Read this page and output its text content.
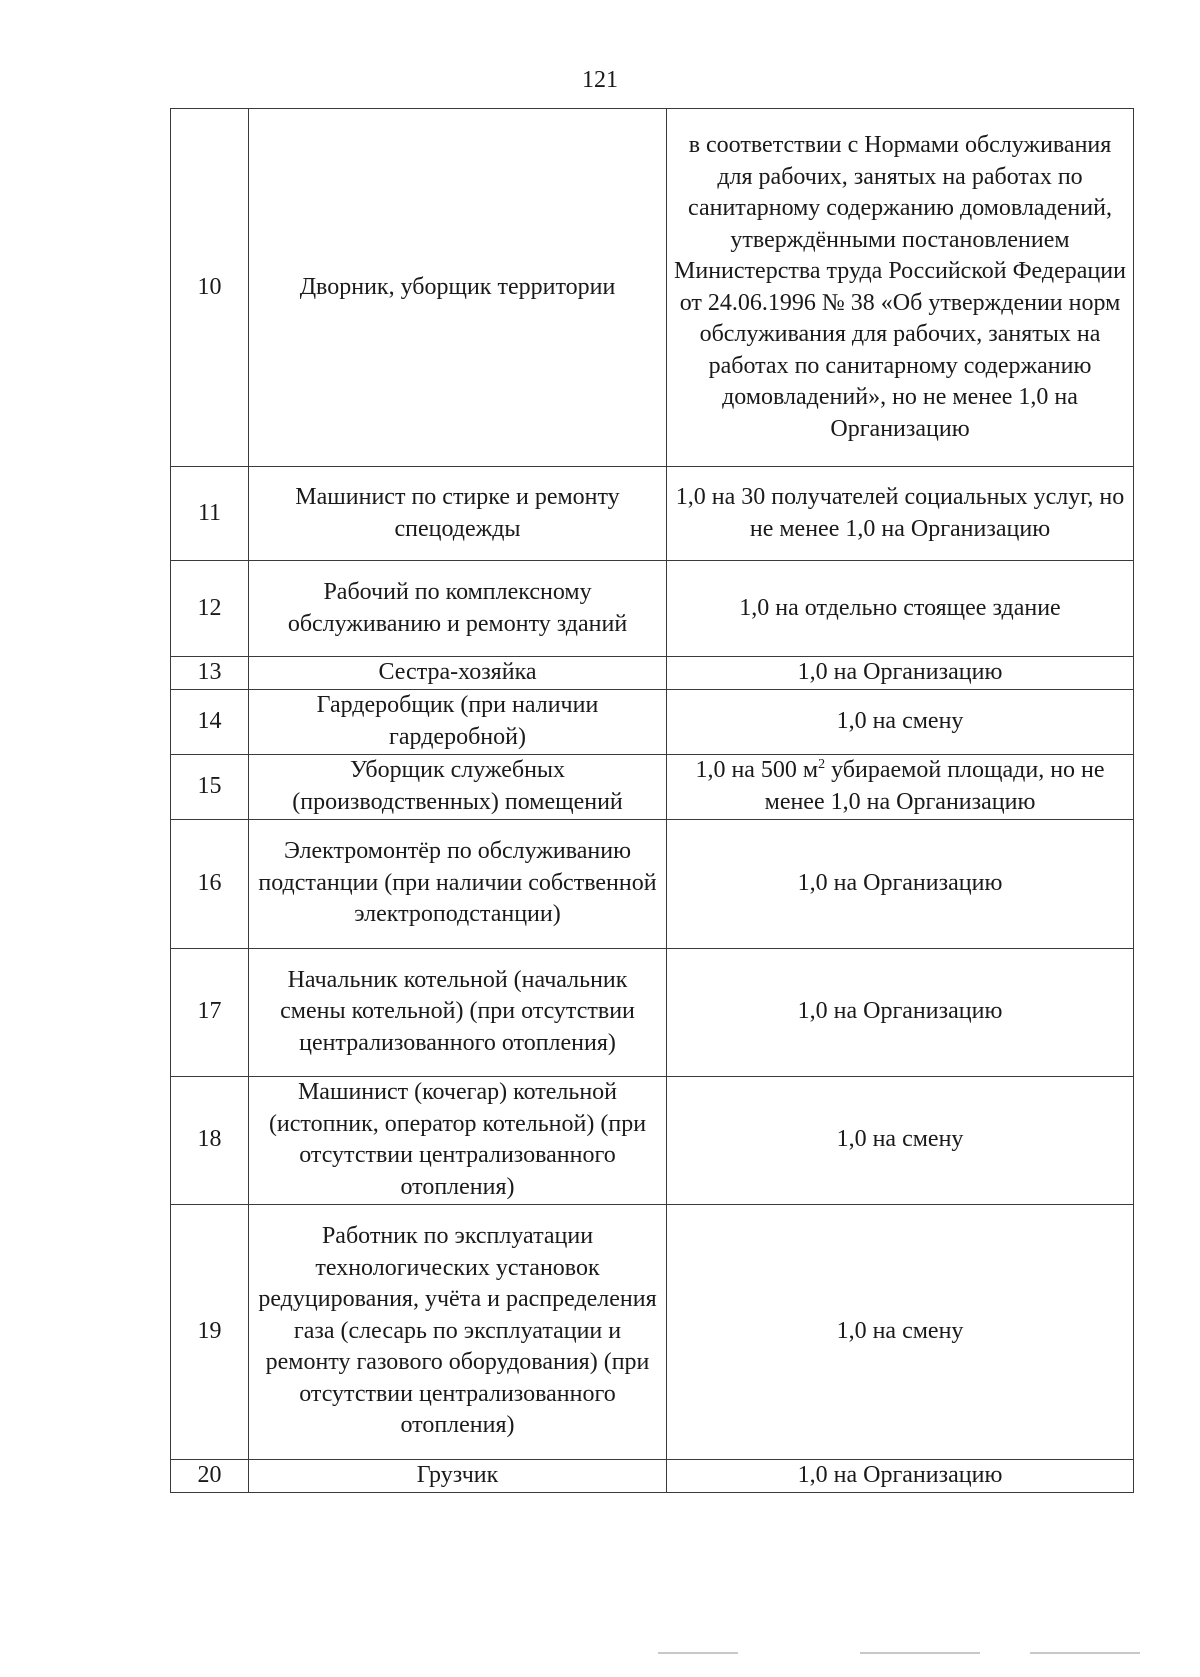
121
10	Дворник, уборщик территории	в соответствии с Нормами обслуживания для рабочих, занятых на работах по санитарному содержанию домовладений, утверждёнными постановлением Министерства труда Российской Федерации от 24.06.1996 № 38 «Об утверждении норм обслуживания для рабочих, занятых на работах по санитарному содержанию домовладений», но не менее 1,0 на Организацию
11	Машинист по стирке и ремонту спецодежды	1,0 на 30 получателей социальных услуг, но не менее 1,0 на Организацию
12	Рабочий по комплексному обслуживанию и ремонту зданий	1,0 на отдельно стоящее здание
13	Сестра-хозяйка	1,0 на Организацию
14	Гардеробщик (при наличии гардеробной)	1,0 на смену
15	Уборщик служебных (производственных) помещений	1,0 на 500 $м^2$ убираемой площади, но не менее 1,0 на Организацию
16	Электромонтёр по обслуживанию подстанции (при наличии собственной электроподстанции)	1,0 на Организацию
17	Начальник котельной (начальник смены котельной) (при отсутствии централизованного отопления)	1,0 на Организацию
18	Машинист (кочегар) котельной (истопник, оператор котельной) (при отсутствии централизованного отопления)	1,0 на смену
19	Работник по эксплуатации технологических установок редуцирования, учёта и распределения газа (слесарь по эксплуатации и ремонту газового оборудования) (при отсутствии централизованного отопления)	1,0 на смену
20	Грузчик	1,0 на Организацию
